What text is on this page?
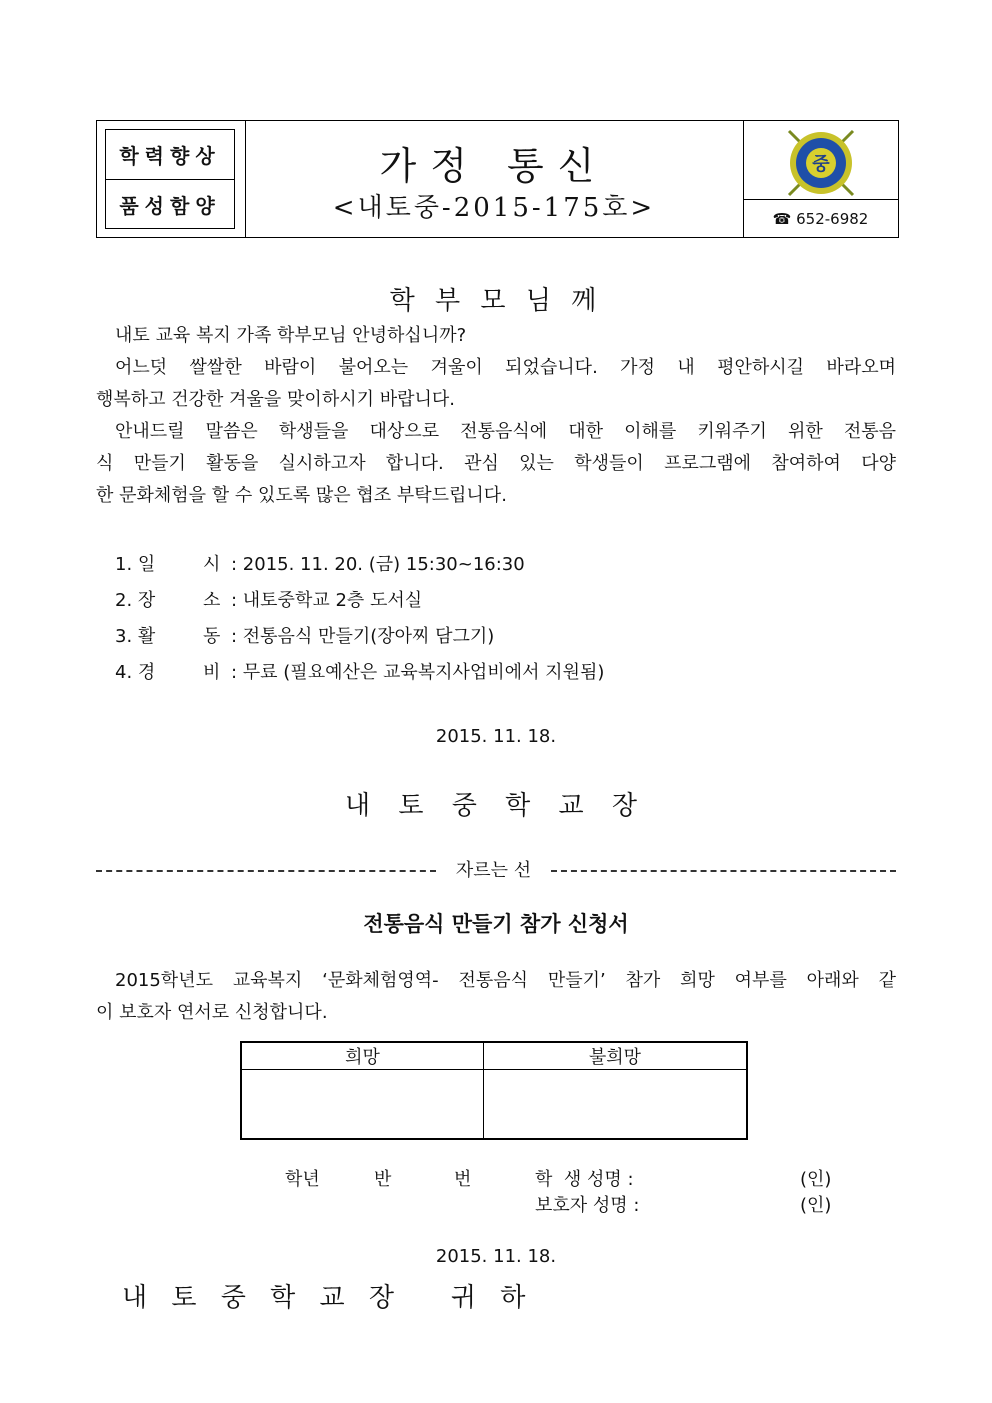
학력향상
품성함양
가정 통신
<내토중-2015-175호>
중
☎ 652-6982
학 부 모 님 께
내토 교육 복지 가족 학부모님 안녕하십니까?
어느덧 쌀쌀한 바람이 불어오는 겨울이 되었습니다. 가정 내 평안하시길 바라오며
행복하고 건강한 겨울을 맞이하시기 바랍니다.
안내드릴 말씀은 학생들을 대상으로 전통음식에 대한 이해를 키워주기 위한 전통음
식 만들기 활동을 실시하고자 합니다. 관심 있는 학생들이 프로그램에 참여하여 다양
한 문화체험을 할 수 있도록 많은 협조 부탁드립니다.
1. 일	시 : 2015. 11. 20. (금) 15:30~16:30
2. 장	소 : 내토중학교 2층 도서실
3. 활	동 : 전통음식 만들기(장아찌 담그기)
4. 경	비 : 무료 (필요예산은 교육복지사업비에서 지원됨)
2015. 11. 18.
내 토 중 학 교 장
자르는 선
전통음식 만들기 참가 신청서
2015학년도 교육복지 ‘문화체험영역- 전통음식 만들기’ 참가 희망 여부를 아래와 같
이 보호자 연서로 신청합니다.
희망	불희망

학년	반	번	학  생 성명 :	(인)
보호자 성명 :	(인)
2015. 11. 18.
내 토 중 학 교 장   귀 하
